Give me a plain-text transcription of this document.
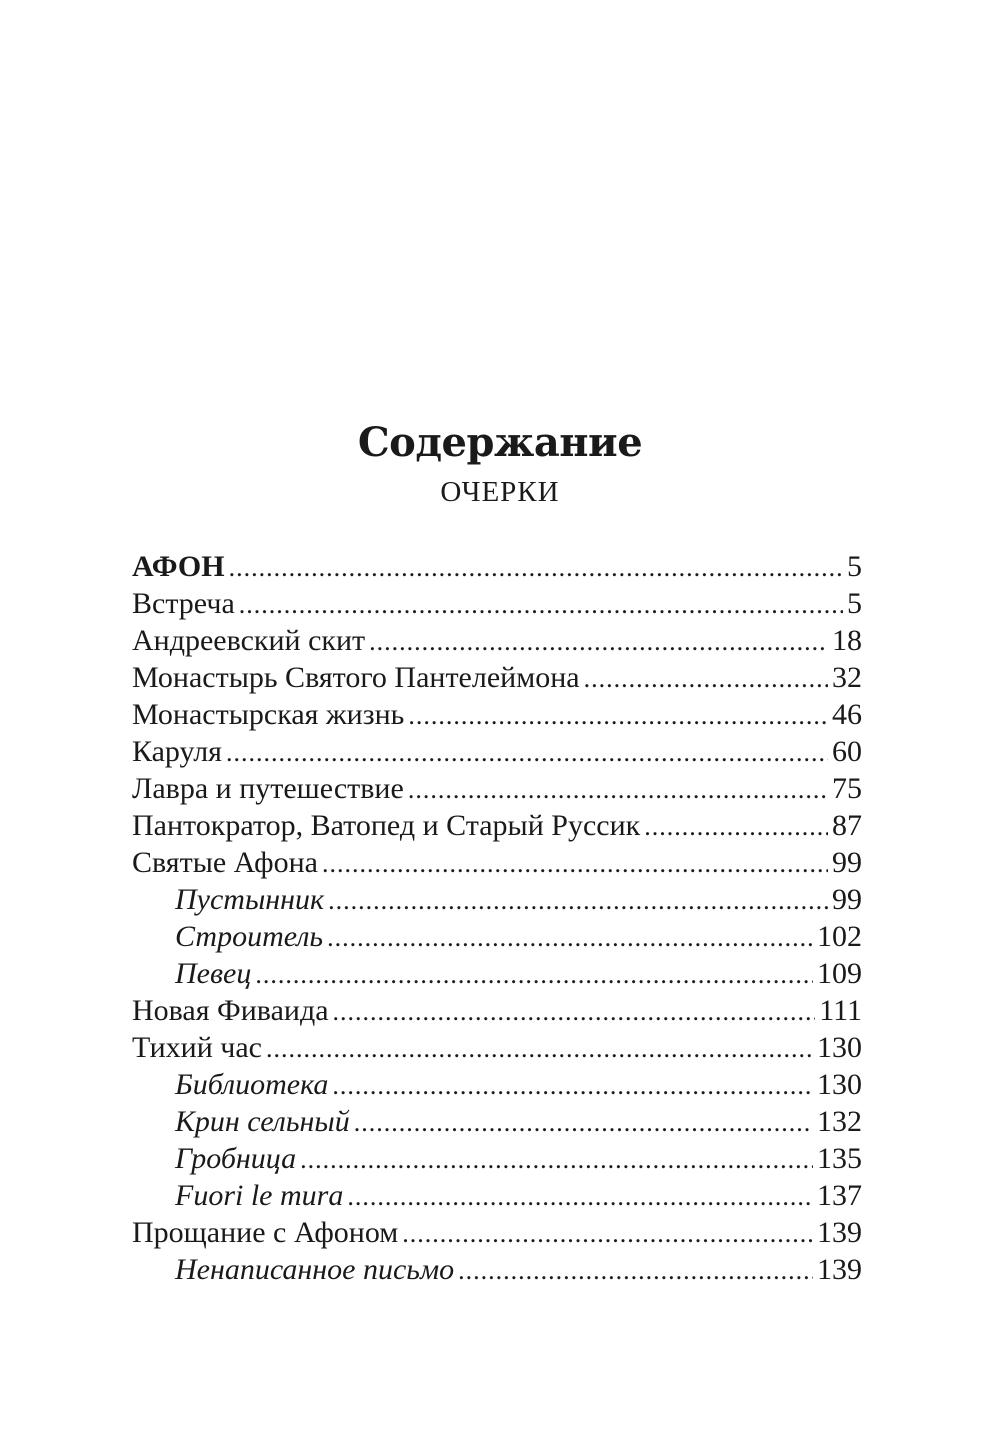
Содержание
ОЧЕРКИ
АФОН .....	5
Встреча .....	5
Андреевский скит .....	18
Монастырь Святого Пантелеймона .....	32
Монастырская жизнь .....	46
Каруля .....	60
Лавра и путешествие .....	75
Пантократор, Ватопед и Старый Руссик .....	87
Святые Афона .....	99
Пустынник .....	99
Строитель .....	102
Певец .....	109
Новая Фиваида .....	111
Тихий час .....	130
Библиотека .....	130
Крин сельный .....	132
Гробница .....	135
Fuori le mura .....	137
Прощание с Афоном .....	139
Ненаписанное письмо .....	139
